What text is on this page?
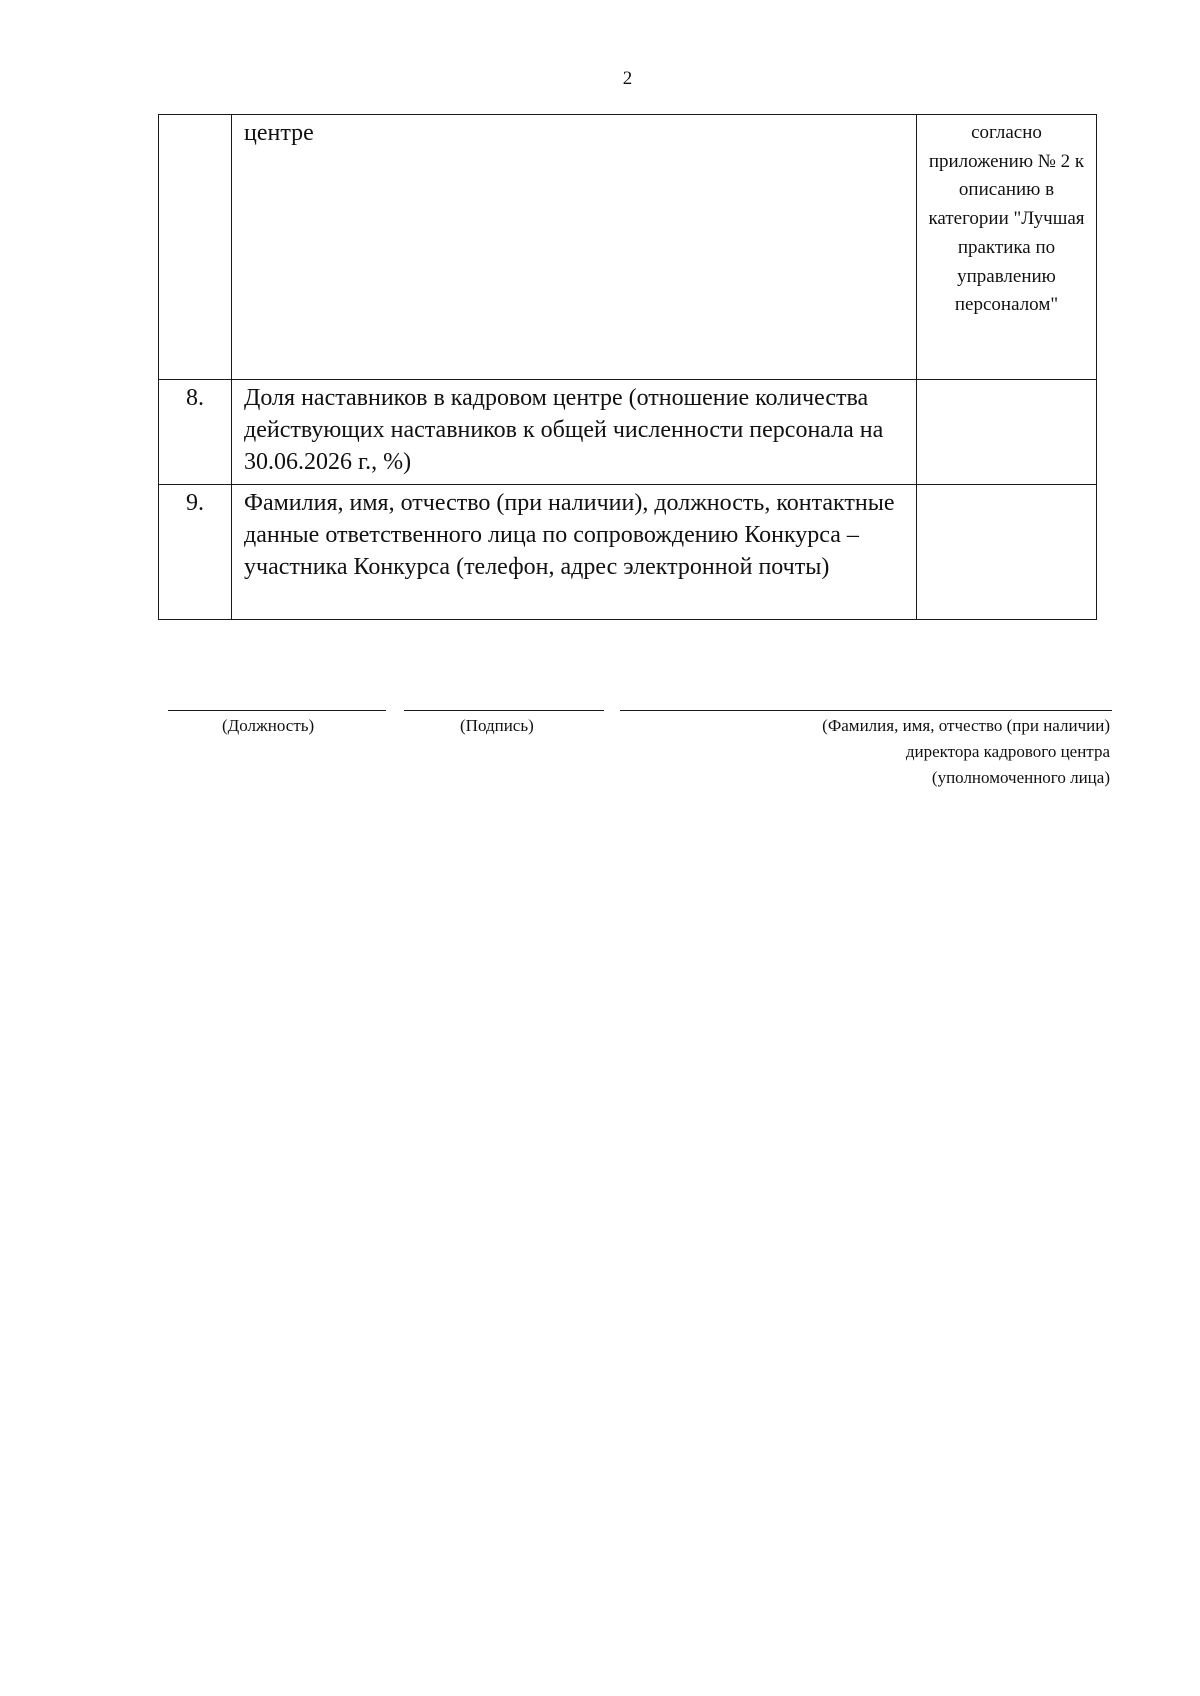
2
	центре	согласно приложению № 2 к описанию в категории "Лучшая практика по управлению персоналом"
8.	Доля наставников в кадровом центре (отношение количества действующих наставников к общей численности персонала на 30.06.2026 г., %)	
9.	Фамилия, имя, отчество (при наличии), должность, контактные данные ответственного лица по сопровождению Конкурса – участника Конкурса (телефон, адрес электронной почты)	
(Должность)	(Подпись)	(Фамилия, имя, отчество (при наличии) директора кадрового центра (уполномоченного лица)
